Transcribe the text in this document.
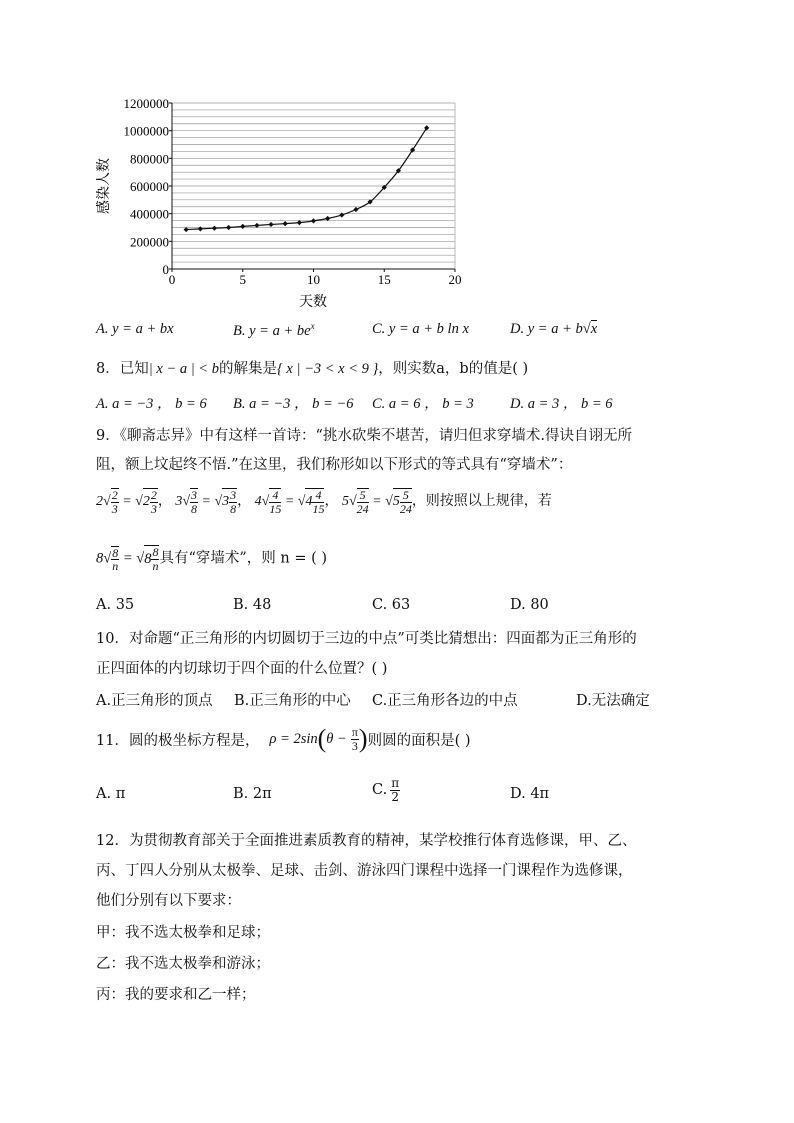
0
200000
400000
600000
800000
1000000
1200000
0	5	10	15	20
感染人数
天数
A. y = a + bx	B. $y = a + be^x$	C. y = a + b ln x	D. y = a + b√x
8．已知| x − a | < b的解集是{ x | −3 < x < 9 }，则实数a，b的值是( )
A. a = −3 ， b = 6 B. a = −3 ， b = −6 C. a = 6 ， b = 3	D. a = 3 ， b = 6
9．《聊斋志异》中有这样一首诗：“挑水砍柴不堪苦，请归但求穿墙术.得诀自诩无所
阻，额上坟起终不悟.”在这里，我们称形如以下形式的等式具有“穿墙术”：
$2√ \frac{2}{3} = √2 \frac{2}{3}$ ， $3√ \frac{3}{8} = √3 \frac{3}{8}$ ， $4√ \frac{4}{15} = √4 \frac{4}{15}$ ， $5√ \frac{5}{24} = √5 \frac{5}{24}$ ，则按照以上规律，若
$8√ \frac{8}{n} = √8 \frac{8}{n}$ 具有“穿墙术”，则 n = ( )
A. 35	B. 48	C. 63	D. 80
10．对命题“正三角形的内切圆切于三边的中点”可类比猜想出：四面都为正三角形的
正四面体的内切球切于四个面的什么位置？( )
A.正三角形的顶点 B.正三角形的中心 C.正三角形各边的中点	D.无法确定
11．圆的极坐标方程是， ρ = 2sin ( $\theta - \frac{\pi}{3}$ ) 则圆的面积是( )
A. π	B. 2π	C. $\frac{\pi}{2}$	D. 4π
12．为贯彻教育部关于全面推进素质教育的精神，某学校推行体育选修课，甲、乙、
丙、丁四人分别从太极拳、足球、击剑、游泳四门课程中选择一门课程作为选修课，
他们分别有以下要求：
甲：我不选太极拳和足球；
乙：我不选太极拳和游泳；
丙：我的要求和乙一样；
